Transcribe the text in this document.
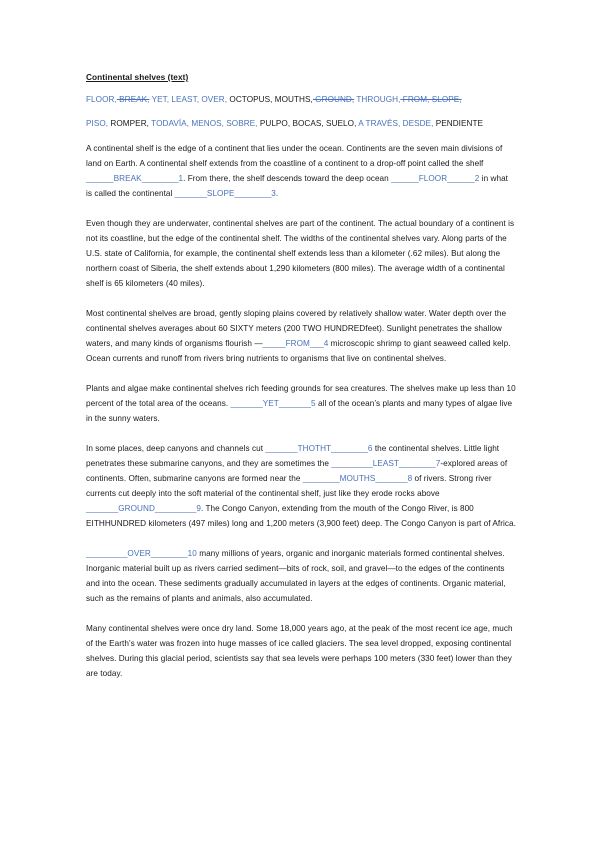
Continental shelves (text)
FLOOR, BREAK, YET, LEAST, OVER, OCTOPUS, MOUTHS, GROUND, THROUGH, FROM, SLOPE,
PISO, ROMPER, TODAVÍA, MENOS, SOBRE, PULPO, BOCAS, SUELO, A TRAVÉS, DESDE, PENDIENTE
A continental shelf is the edge of a continent that lies under the ocean. Continents are the seven main divisions of land on Earth. A continental shelf extends from the coastline of a continent to a drop-off point called the shelf ______BREAK________1. From there, the shelf descends toward the deep ocean ______FLOOR______2 in what is called the continental _______SLOPE________3.
Even though they are underwater, continental shelves are part of the continent. The actual boundary of a continent is not its coastline, but the edge of the continental shelf. The widths of the continental shelves vary. Along parts of the U.S. state of California, for example, the continental shelf extends less than a kilometer (.62 miles). But along the northern coast of Siberia, the shelf extends about 1,290 kilometers (800 miles). The average width of a continental shelf is 65 kilometers (40 miles).
Most continental shelves are broad, gently sloping plains covered by relatively shallow water. Water depth over the continental shelves averages about 60 SIXTY meters (200 TWO HUNDREDfeet). Sunlight penetrates the shallow waters, and many kinds of organisms flourish —_____FROM___4 microscopic shrimp to giant seaweed called kelp. Ocean currents and runoff from rivers bring nutrients to organisms that live on continental shelves.
Plants and algae make continental shelves rich feeding grounds for sea creatures. The shelves make up less than 10 percent of the total area of the oceans. _______YET_______5 all of the ocean’s plants and many types of algae live in the sunny waters.
In some places, deep canyons and channels cut _______THOTHT________6 the continental shelves. Little light penetrates these submarine canyons, and they are sometimes the _________LEAST________7-explored areas of continents. Often, submarine canyons are formed near the ________MOUTHS_______8 of rivers. Strong river currents cut deeply into the soft material of the continental shelf, just like they erode rocks above _______GROUND_________9. The Congo Canyon, extending from the mouth of the Congo River, is 800 EITHHUNDRED kilometers (497 miles) long and 1,200 meters (3,900 feet) deep. The Congo Canyon is part of Africa.
_________OVER________10 many millions of years, organic and inorganic materials formed continental shelves. Inorganic material built up as rivers carried sediment—bits of rock, soil, and gravel—to the edges of the continents and into the ocean. These sediments gradually accumulated in layers at the edges of continents. Organic material, such as the remains of plants and animals, also accumulated.
Many continental shelves were once dry land. Some 18,000 years ago, at the peak of the most recent ice age, much of the Earth’s water was frozen into huge masses of ice called glaciers. The sea level dropped, exposing continental shelves. During this glacial period, scientists say that sea levels were perhaps 100 meters (330 feet) lower than they are today.
